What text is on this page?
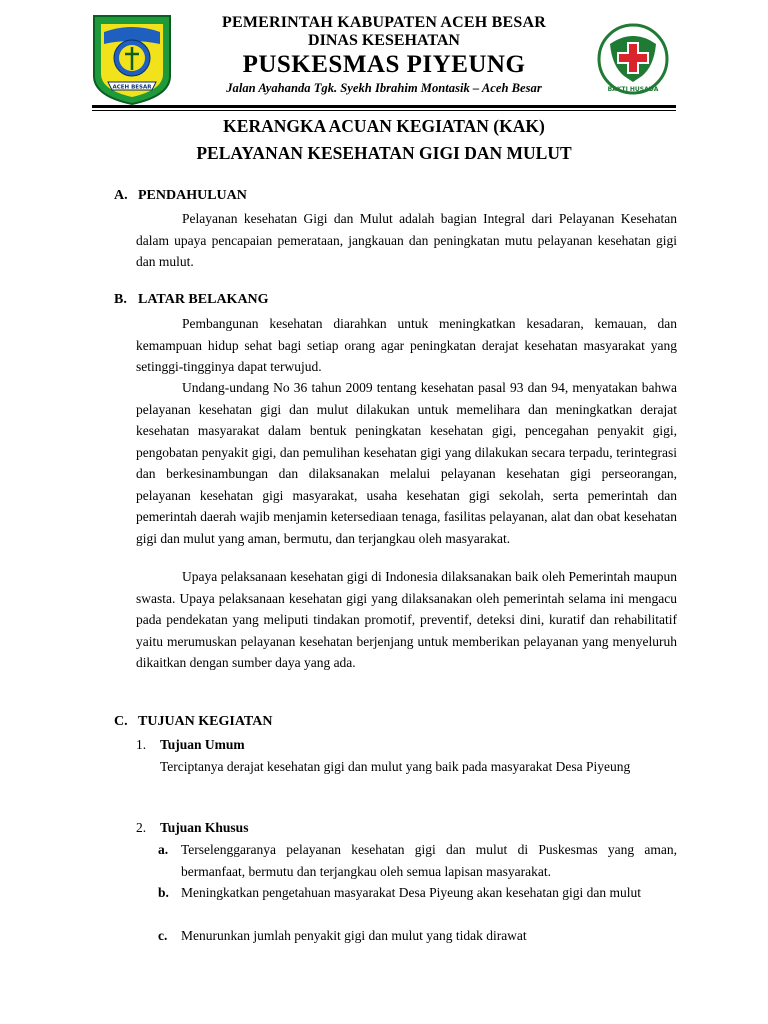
ACEH BESAR
PEMERINTAH KABUPATEN ACEH BESAR
DINAS KESEHATAN
PUSKESMAS PIYEUNG
Jalan Ayahanda Tgk. Syekh Ibrahim Montasik – Aceh Besar	BAKTI HUSADA
KERANGKA ACUAN KEGIATAN (KAK)
PELAYANAN KESEHATAN GIGI DAN MULUT
A. PENDAHULUAN
Pelayanan kesehatan Gigi dan Mulut adalah bagian Integral dari Pelayanan Kesehatan dalam upaya pencapaian pemerataan, jangkauan dan peningkatan mutu pelayanan kesehatan gigi dan mulut.
B. LATAR BELAKANG
Pembangunan kesehatan diarahkan untuk meningkatkan kesadaran, kemauan, dan kemampuan hidup sehat bagi setiap orang agar peningkatan derajat kesehatan masyarakat yang setinggi-tingginya dapat terwujud.
Undang-undang No 36 tahun 2009 tentang kesehatan pasal 93 dan 94, menyatakan bahwa pelayanan kesehatan gigi dan mulut dilakukan untuk memelihara dan meningkatkan derajat kesehatan masyarakat dalam bentuk peningkatan kesehatan gigi, pencegahan penyakit gigi, pengobatan penyakit gigi, dan pemulihan kesehatan gigi yang dilakukan secara terpadu, terintegrasi dan berkesinambungan dan dilaksanakan melalui pelayanan kesehatan gigi perseorangan, pelayanan kesehatan gigi masyarakat, usaha kesehatan gigi sekolah, serta pemerintah dan pemerintah daerah wajib menjamin ketersediaan tenaga, fasilitas pelayanan, alat dan obat kesehatan gigi dan mulut yang aman, bermutu, dan terjangkau oleh masyarakat.
Upaya pelaksanaan kesehatan gigi di Indonesia dilaksanakan baik oleh Pemerintah maupun swasta. Upaya pelaksanaan kesehatan gigi yang dilaksanakan oleh pemerintah selama ini mengacu pada pendekatan yang meliputi tindakan promotif, preventif, deteksi dini, kuratif dan rehabilitatif yaitu merumuskan pelayanan kesehatan berjenjang untuk memberikan pelayanan yang menyeluruh dikaitkan dengan sumber daya yang ada.
C. TUJUAN KEGIATAN
1. Tujuan Umum
Terciptanya derajat kesehatan gigi dan mulut yang baik pada masyarakat Desa Piyeung
2. Tujuan Khusus
a. Terselenggaranya pelayanan kesehatan gigi dan mulut di Puskesmas yang aman, bermanfaat, bermutu dan terjangkau oleh semua lapisan masyarakat.
b. Meningkatkan pengetahuan masyarakat Desa Piyeung akan kesehatan gigi dan mulut
c. Menurunkan jumlah penyakit gigi dan mulut yang tidak dirawat
